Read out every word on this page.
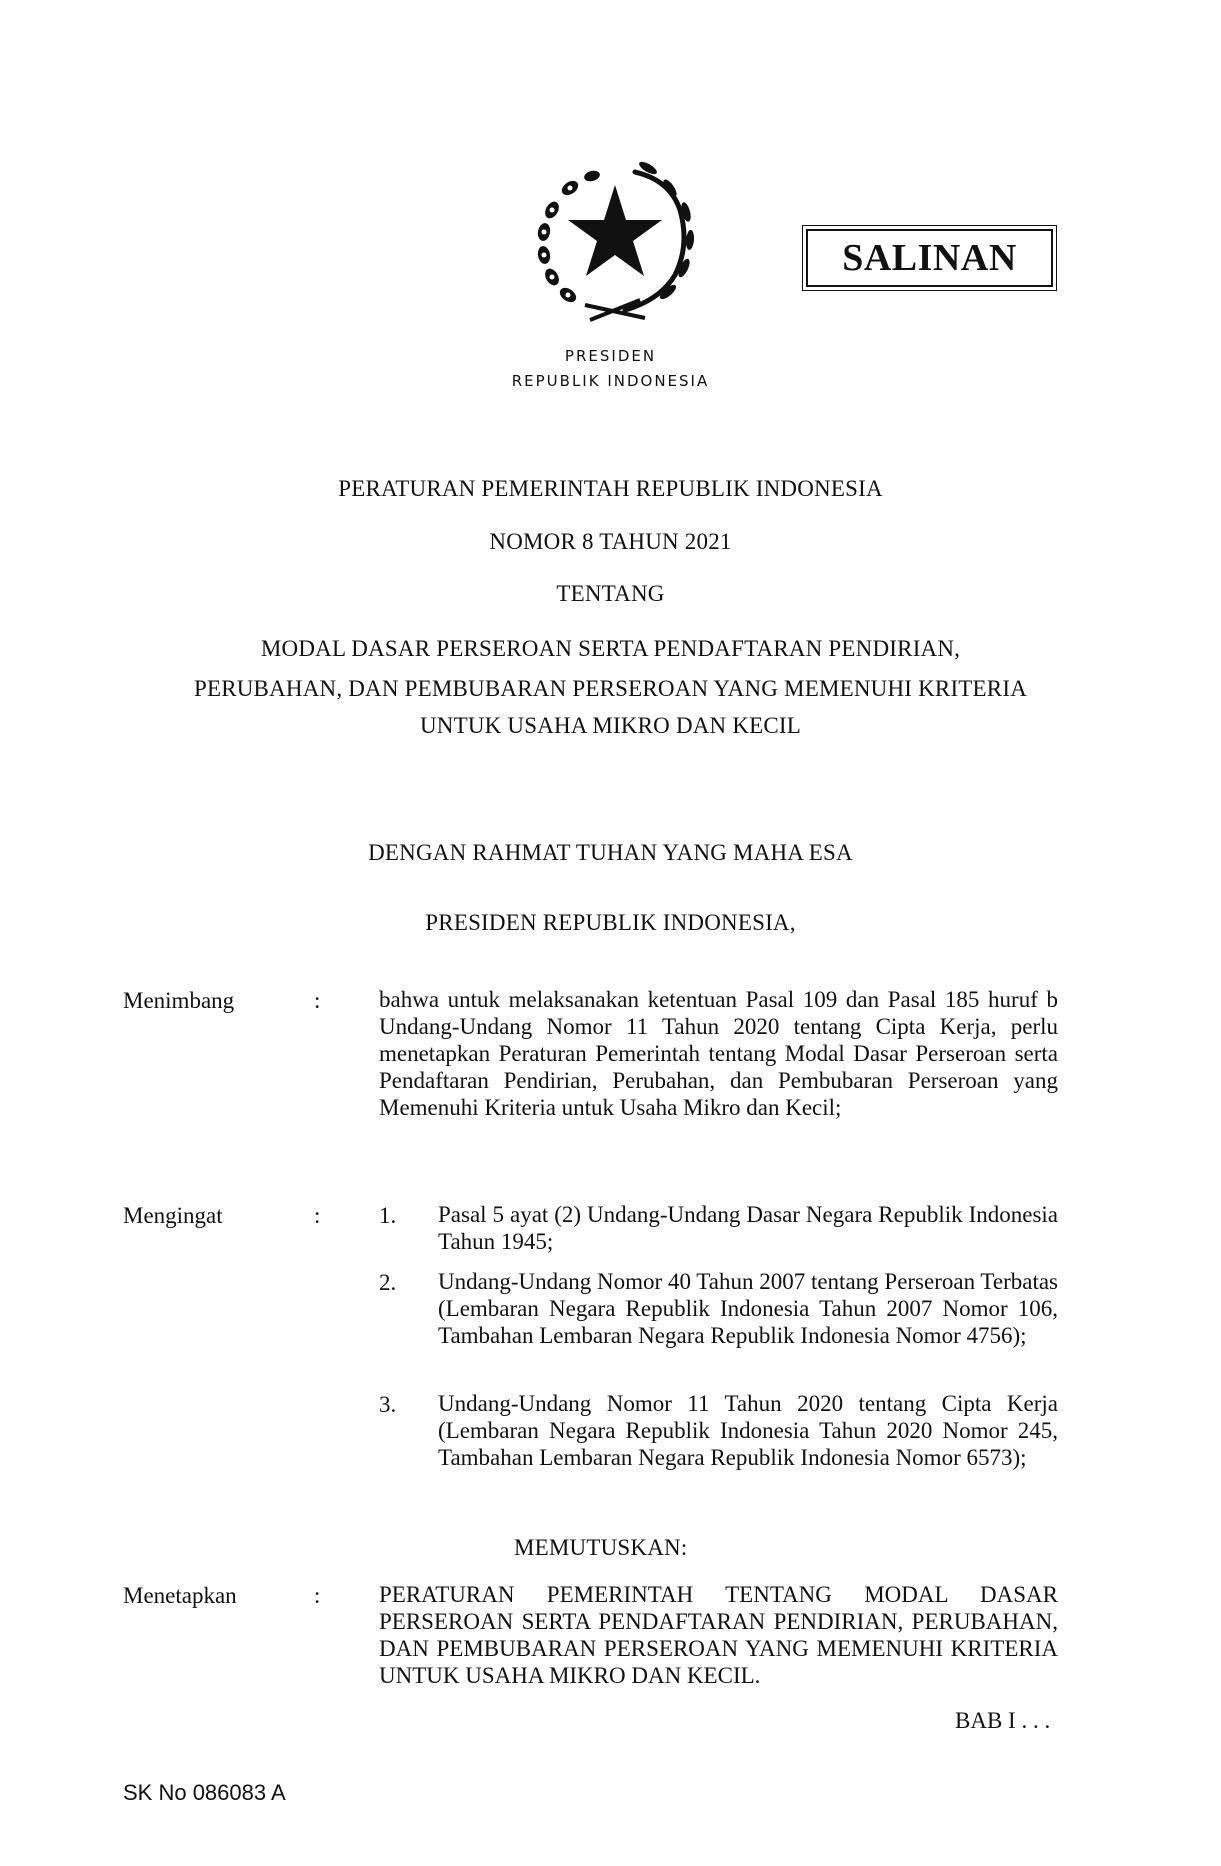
SALINAN
PRESIDEN
REPUBLIK INDONESIA
PERATURAN PEMERINTAH REPUBLIK INDONESIA
NOMOR 8 TAHUN 2021
TENTANG
MODAL DASAR PERSEROAN SERTA PENDAFTARAN PENDIRIAN,
PERUBAHAN, DAN PEMBUBARAN PERSEROAN YANG MEMENUHI KRITERIA
UNTUK USAHA MIKRO DAN KECIL
DENGAN RAHMAT TUHAN YANG MAHA ESA
PRESIDEN REPUBLIK INDONESIA,
Menimbang	:	bahwa untuk melaksanakan ketentuan Pasal 109 dan Pasal 185 huruf b Undang-Undang Nomor 11 Tahun 2020 tentang Cipta Kerja, perlu menetapkan Peraturan Pemerintah tentang Modal Dasar Perseroan serta Pendaftaran Pendirian, Perubahan, dan Pembubaran Perseroan yang Memenuhi Kriteria untuk Usaha Mikro dan Kecil;
Mengingat	:	1. Pasal 5 ayat (2) Undang-Undang Dasar Negara Republik Indonesia Tahun 1945;
2. Undang-Undang Nomor 40 Tahun 2007 tentang Perseroan Terbatas (Lembaran Negara Republik Indonesia Tahun 2007 Nomor 106, Tambahan Lembaran Negara Republik Indonesia Nomor 4756);
3. Undang-Undang Nomor 11 Tahun 2020 tentang Cipta Kerja (Lembaran Negara Republik Indonesia Tahun 2020 Nomor 245, Tambahan Lembaran Negara Republik Indonesia Nomor 6573);
MEMUTUSKAN:
Menetapkan	:	PERATURAN PEMERINTAH TENTANG MODAL DASAR PERSEROAN SERTA PENDAFTARAN PENDIRIAN, PERUBAHAN, DAN PEMBUBARAN PERSEROAN YANG MEMENUHI KRITERIA UNTUK USAHA MIKRO DAN KECIL.
BAB I . . .
SK No 086083 A
